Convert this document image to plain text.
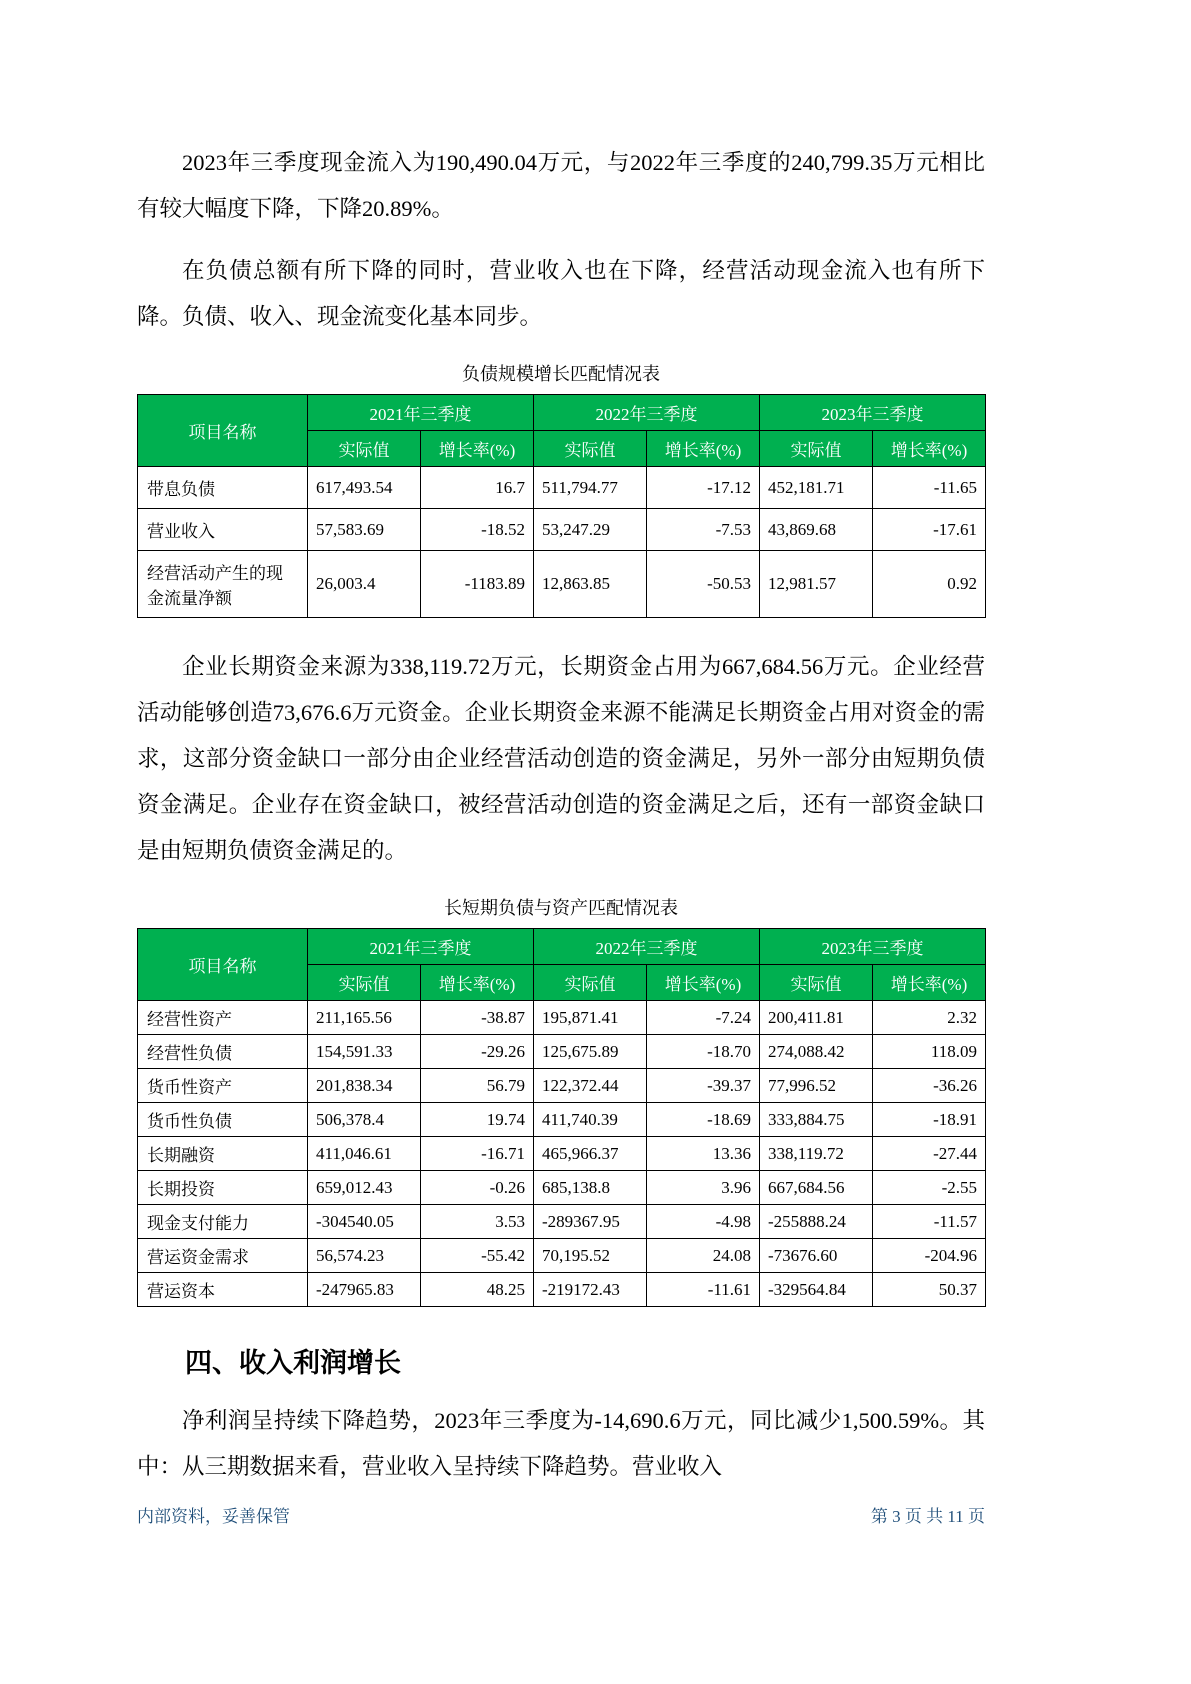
2023年三季度现金流入为190,490.04万元，与2022年三季度的240,799.35万元相比有较大幅度下降，下降20.89%。

在负债总额有所下降的同时，营业收入也在下降，经营活动现金流入也有所下降。负债、收入、现金流变化基本同步。

负债规模增长匹配情况表
项目名称	2021年三季度		2022年三季度		2023年三季度	
	实际值	增长率(%)	实际值	增长率(%)	实际值	增长率(%)
带息负债	617,493.54	16.7	511,794.77	-17.12	452,181.71	-11.65
营业收入	57,583.69	-18.52	53,247.29	-7.53	43,869.68	-17.61
经营活动产生的现金流量净额	26,003.4	-1183.89	12,863.85	-50.53	12,981.57	0.92

企业长期资金来源为338,119.72万元，长期资金占用为667,684.56万元。企业经营活动能够创造73,676.6万元资金。企业长期资金来源不能满足长期资金占用对资金的需求，这部分资金缺口一部分由企业经营活动创造的资金满足，另外一部分由短期负债资金满足。企业存在资金缺口，被经营活动创造的资金满足之后，还有一部资金缺口是由短期负债资金满足的。

长短期负债与资产匹配情况表
项目名称	2021年三季度		2022年三季度		2023年三季度	
	实际值	增长率(%)	实际值	增长率(%)	实际值	增长率(%)
经营性资产	211,165.56	-38.87	195,871.41	-7.24	200,411.81	2.32
经营性负债	154,591.33	-29.26	125,675.89	-18.70	274,088.42	118.09
货币性资产	201,838.34	56.79	122,372.44	-39.37	77,996.52	-36.26
货币性负债	506,378.4	19.74	411,740.39	-18.69	333,884.75	-18.91
长期融资	411,046.61	-16.71	465,966.37	13.36	338,119.72	-27.44
长期投资	659,012.43	-0.26	685,138.8	3.96	667,684.56	-2.55
现金支付能力	-304540.05	3.53	-289367.95	-4.98	-255888.24	-11.57
营运资金需求	56,574.23	-55.42	70,195.52	24.08	-73676.60	-204.96
营运资本	-247965.83	48.25	-219172.43	-11.61	-329564.84	50.37
四、收入利润增长

净利润呈持续下降趋势，2023年三季度为-14,690.6万元，同比减少1,500.59%。其中：从三期数据来看，营业收入呈持续下降趋势。营业收入

内部资料，妥善保管	第 3 页 共 11 页
